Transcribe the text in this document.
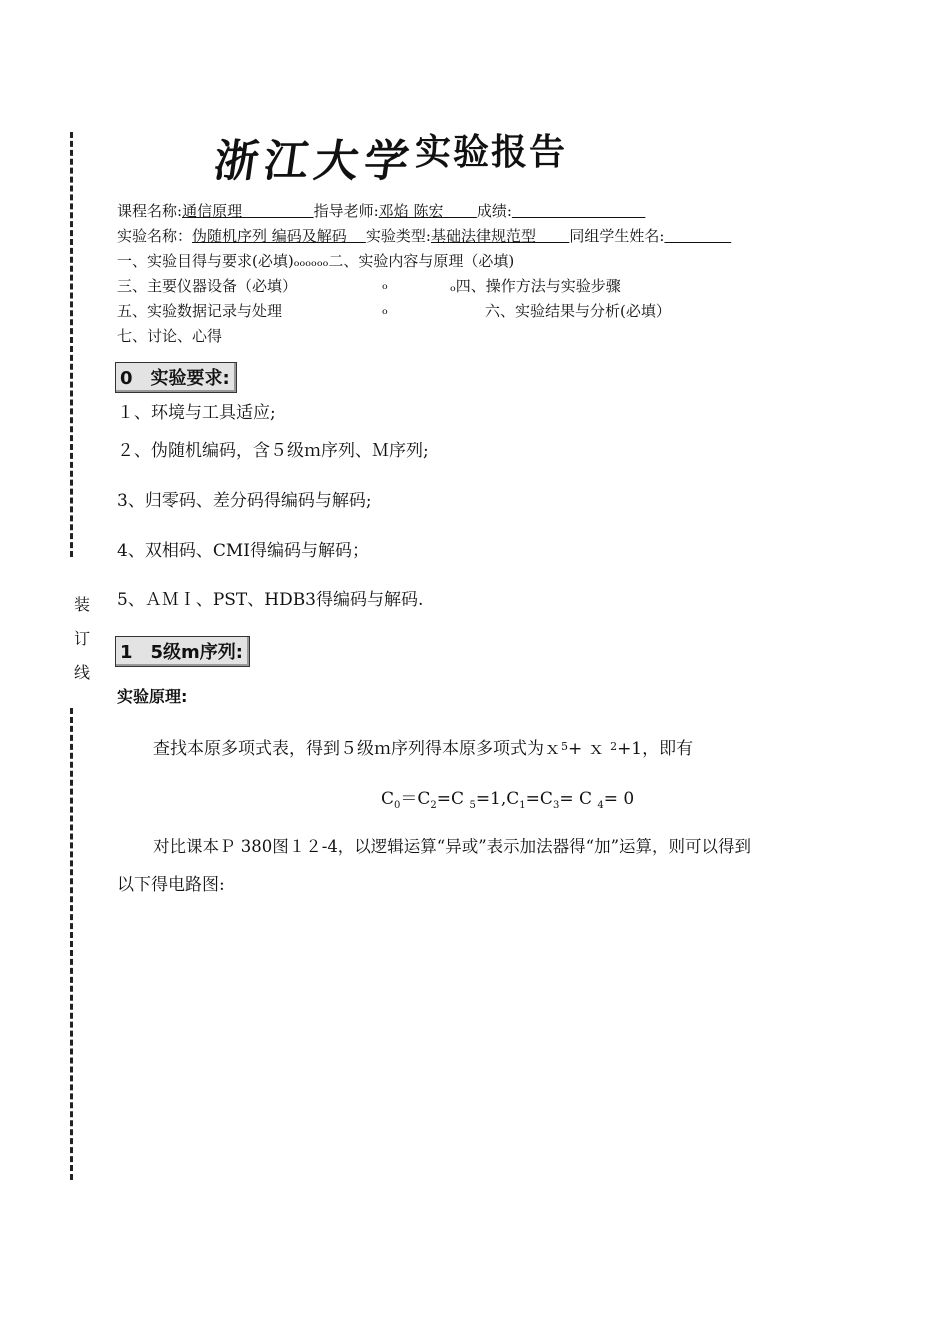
装
订
线
浙江大学
实验报告
课程名称:通信原理	指导老师:邓焰 陈宏 成绩:
实验名称：伪随机序列 编码及解码 实验类型:基础法律规范型 同组学生姓名:
一、实验目得与要求(必填)ₒₒₒₒₒₒ二、实验内容与原理（必填)
三、主要仪器设备（必填）	ₒ	ₒ四、操作方法与实验步骤
五、实验数据记录与处理	ₒ	六、实验结果与分析(必填）
七、讨论、心得
0　实验要求:
１、环境与工具适应;
２、伪随机编码，含５级ｍ序列、Ｍ序列;
3、归零码、差分码得编码与解码;
4、双相码、CMI得编码与解码；
5、ＡＭＩ、PST、HDB3得编码与解码.
1　5级m序列:
实验原理:
查找本原多项式表，得到５级ｍ序列得本原多项式为ｘ$^5$+ ｘ $^2$+1，即有
$C_0=C_2=C$ $_5=1,C_1=C_3= C$ $_4$= 0
对比课本Ｐ 380图１２-4，以逻辑运算“异或”表示加法器得“加”运算，则可以得到
以下得电路图:
